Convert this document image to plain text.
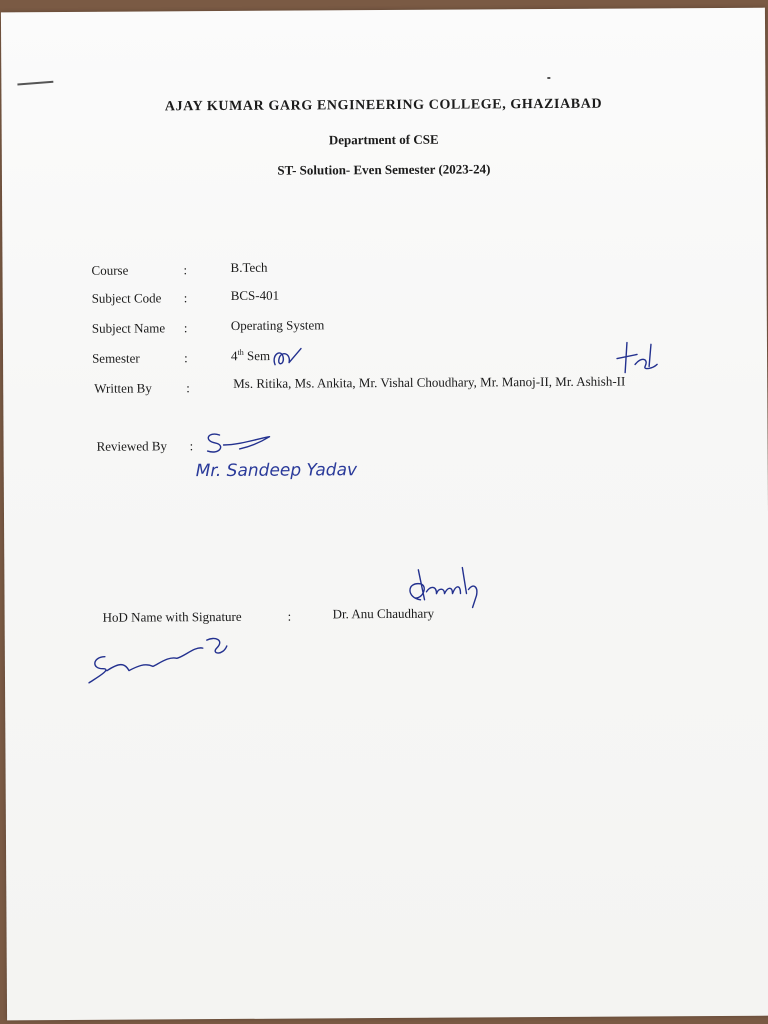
AJAY KUMAR GARG ENGINEERING COLLEGE, GHAZIABAD
Department of CSE
ST- Solution- Even Semester (2023-24)
Course	:	B.Tech
Subject Code :	BCS-401
Subject Name :	Operating System
Semester	:	4th Sem
Written By	:	Ms. Ritika, Ms. Ankita, Mr. Vishal Choudhary, Mr. Manoj-II, Mr. Ashish-II
Reviewed By :
Mr. Sandeep Yadav
HoD Name with Signature	:	Dr. Anu Chaudhary
